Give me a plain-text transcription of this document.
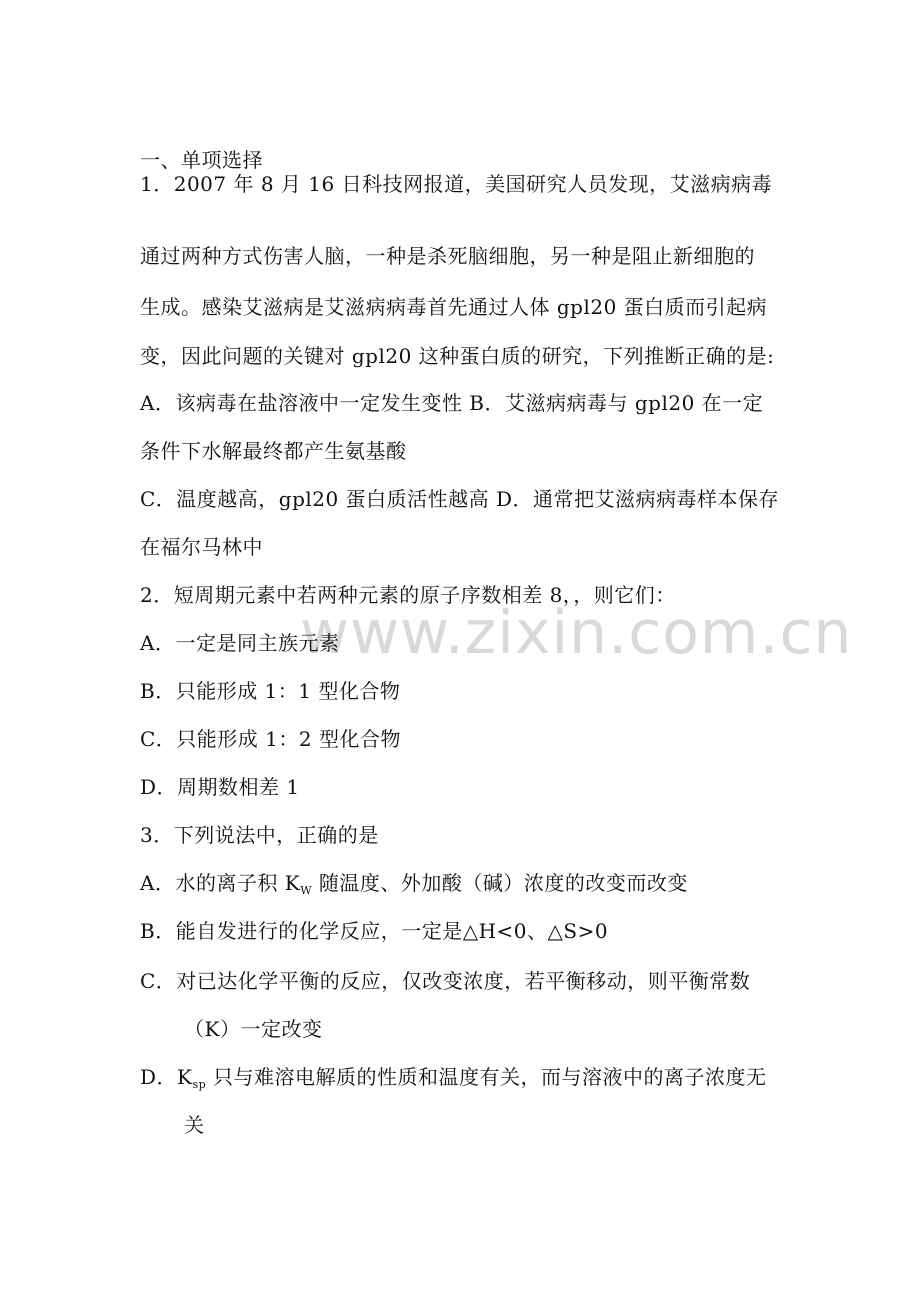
www.zixin.com.cn
一、单项选择
1．2007 年 8 月 16 日科技网报道，美国研究人员发现，艾滋病病毒
通过两种方式伤害人脑，一种是杀死脑细胞，另一种是阻止新细胞的
生成。感染艾滋病是艾滋病病毒首先通过人体 gpl20 蛋白质而引起病
变，因此问题的关键对 gpl20 这种蛋白质的研究，下列推断正确的是:
A．该病毒在盐溶液中一定发生变性 B．艾滋病病毒与 gpl20 在一定
条件下水解最终都产生氨基酸
C．温度越高，gpl20 蛋白质活性越高 D．通常把艾滋病病毒样本保存
在福尔马林中
2．短周期元素中若两种元素的原子序数相差 8，，则它们：
A．一定是同主族元素
B．只能形成 1：1 型化合物
C．只能形成 1：2 型化合物
D．周期数相差 1
3．下列说法中，正确的是
A．水的离子积 $K_W$ 随温度、外加酸（碱）浓度的改变而改变
B．能自发进行的化学反应，一定是△H<0、△S>0
C．对已达化学平衡的反应，仅改变浓度，若平衡移动，则平衡常数
（K）一定改变
D．$K_{sp}$ 只与难溶电解质的性质和温度有关，而与溶液中的离子浓度无
关
